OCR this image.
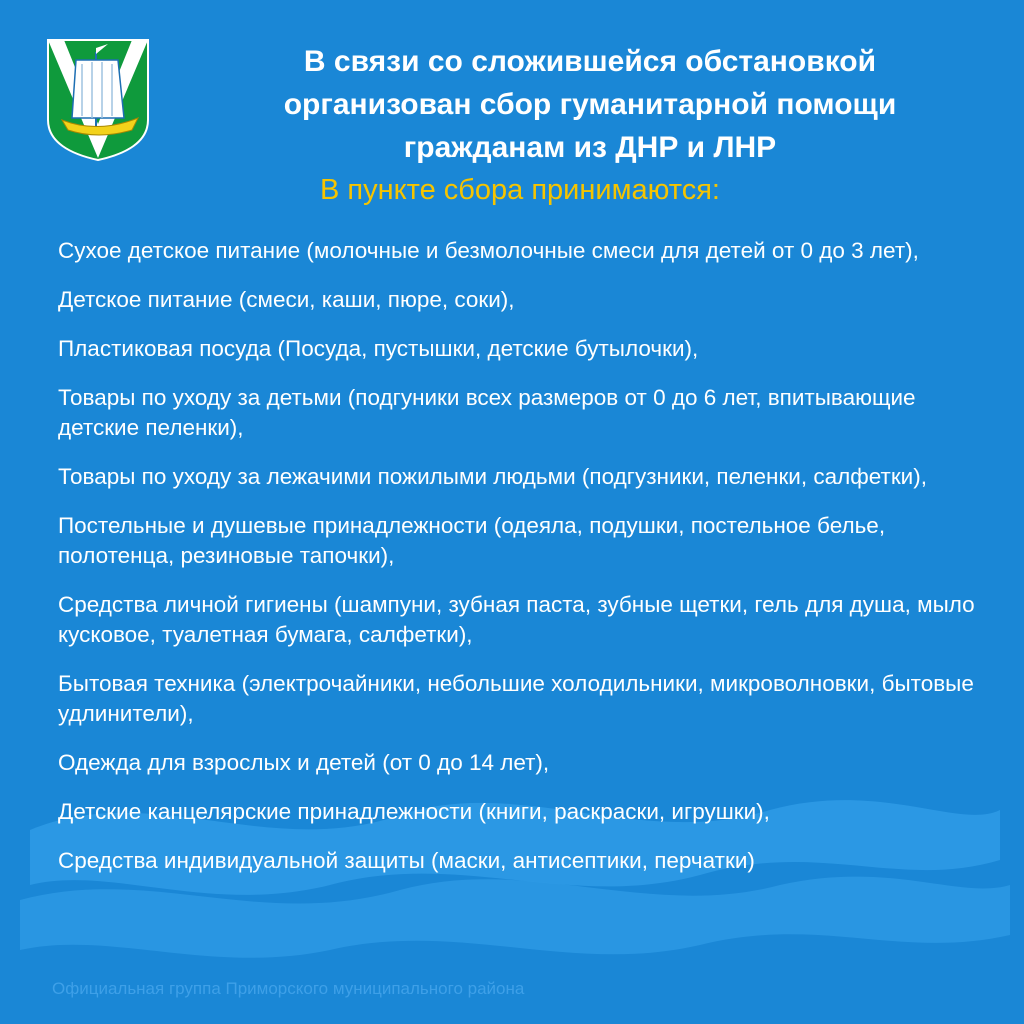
В связи со сложившейся обстановкой
организован сбор гуманитарной помощи
гражданам из ДНР и ЛНР
В пункте сбора принимаются:
Сухое детское питание (молочные и безмолочные смеси для детей от 0 до 3 лет),
Детское питание (смеси, каши, пюре, соки),
Пластиковая посуда (Посуда, пустышки, детские бутылочки),
Товары по уходу за детьми (подгуники всех размеров от 0 до 6 лет, впитывающие детские пеленки),
Товары по уходу за лежачими пожилыми людьми (подгузники, пеленки, салфетки),
Постельные и душевые принадлежности (одеяла, подушки, постельное белье, полотенца, резиновые тапочки),
Средства личной гигиены (шампуни, зубная паста, зубные щетки, гель для душа, мыло кусковое, туалетная бумага, салфетки),
Бытовая техника (электрочайники, небольшие холодильники, микроволновки, бытовые удлинители),
Одежда для взрослых и детей (от 0 до 14 лет),
Детские канцелярские принадлежности (книги, раскраски, игрушки),
Средства индивидуальной защиты (маски, антисептики, перчатки)
Официальная группа Приморского муниципального района
